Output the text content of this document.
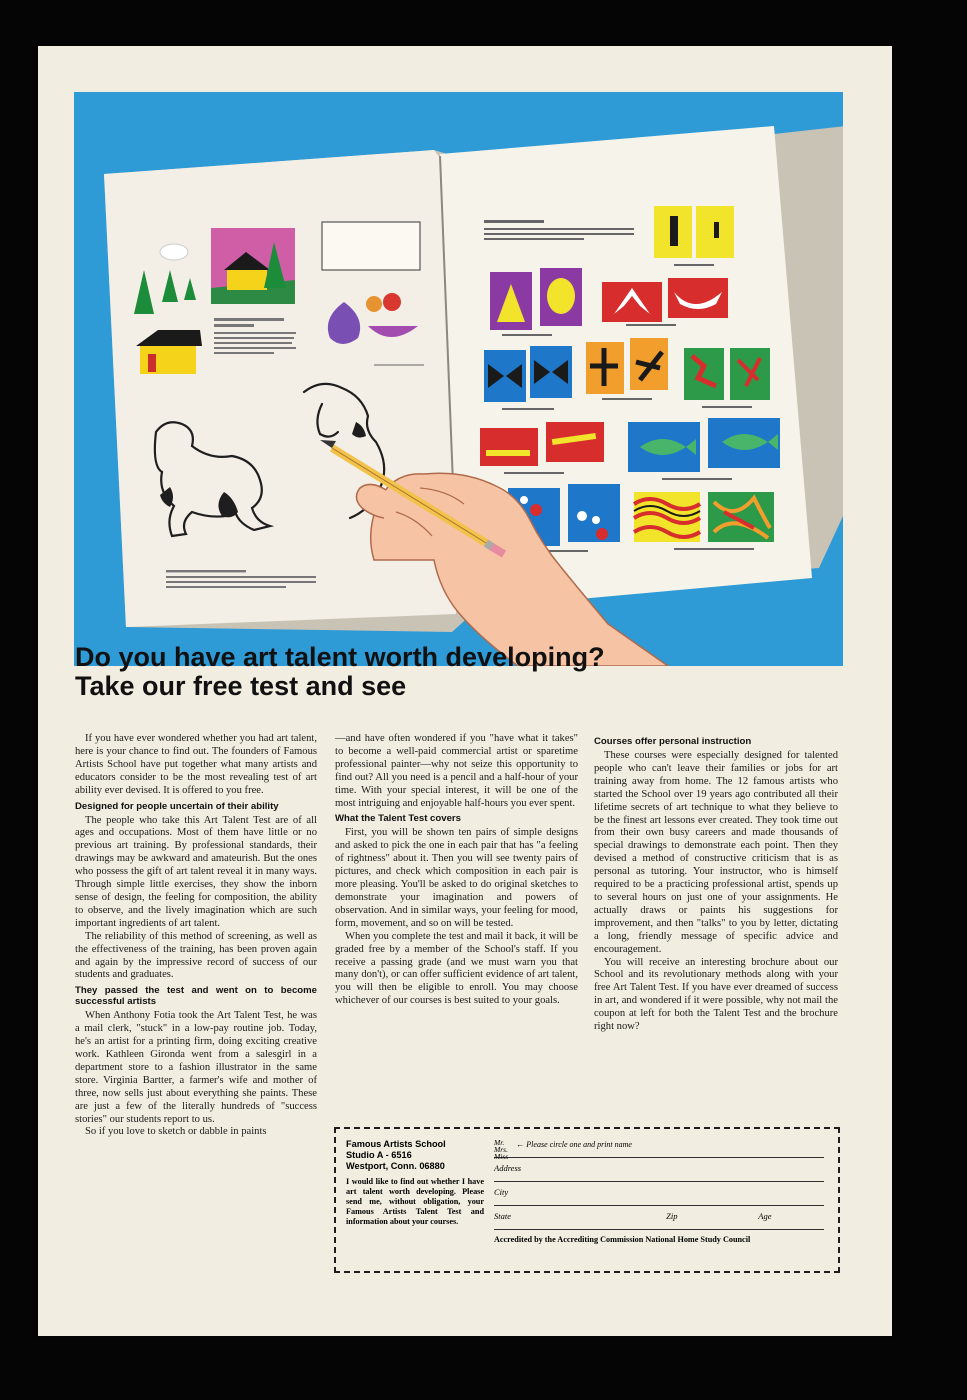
Do you have art talent worth developing?
Take our free test and see

If you have ever wondered whether you had art talent, here is your chance to find out. The founders of Famous Artists School have put together what many artists and educators consider to be the most revealing test of art ability ever devised. It is offered to you free.

Designed for people uncertain of their ability

The people who take this Art Talent Test are of all ages and occupations. Most of them have little or no previous art training. By professional standards, their drawings may be awkward and amateurish. But the ones who possess the gift of art talent reveal it in many ways. Through simple little exercises, they show the inborn sense of design, the feeling for composition, the ability to observe, and the lively imagination which are such important ingredients of art talent.

The reliability of this method of screening, as well as the effectiveness of the training, has been proven again and again by the impressive record of success of our students and graduates.

They passed the test and went on to become successful artists

When Anthony Fotia took the Art Talent Test, he was a mail clerk, "stuck" in a low-pay routine job. Today, he's an artist for a printing firm, doing exciting creative work. Kathleen Gironda went from a salesgirl in a department store to a fashion illustrator in the same store. Virginia Bartter, a farmer's wife and mother of three, now sells just about everything she paints. These are just a few of the literally hundreds of "success stories" our students report to us.

So if you love to sketch or dabble in paints

—and have often wondered if you "have what it takes" to become a well-paid commercial artist or sparetime professional painter—why not seize this opportunity to find out? All you need is a pencil and a half-hour of your time. With your special interest, it will be one of the most intriguing and enjoyable half-hours you ever spent.

What the Talent Test covers

First, you will be shown ten pairs of simple designs and asked to pick the one in each pair that has "a feeling of rightness" about it. Then you will see twenty pairs of pictures, and check which composition in each pair is more pleasing. You'll be asked to do original sketches to demonstrate your imagination and powers of observation. And in similar ways, your feeling for mood, form, movement, and so on will be tested.

When you complete the test and mail it back, it will be graded free by a member of the School's staff. If you receive a passing grade (and we must warn you that many don't), or can offer sufficient evidence of art talent, you will then be eligible to enroll. You may choose whichever of our courses is best suited to your goals.

Courses offer personal instruction

These courses were especially designed for talented people who can't leave their families or jobs for art training away from home. The 12 famous artists who started the School over 19 years ago contributed all their lifetime secrets of art technique to what they believe to be the finest art lessons ever created. They took time out from their own busy careers and made thousands of special drawings to demonstrate each point. Then they devised a method of constructive criticism that is as personal as tutoring. Your instructor, who is himself required to be a practicing professional artist, spends up to several hours on just one of your assignments. He actually draws or paints his suggestions for improvement, and then "talks" to you by letter, dictating a long, friendly message of specific advice and encouragement.

You will receive an interesting brochure about our School and its revolutionary methods along with your free Art Talent Test. If you have ever dreamed of success in art, and wondered if it were possible, why not mail the coupon at left for both the Talent Test and the brochure right now?

Famous Artists School
Studio A - 6516
Westport, Conn. 06880
I would like to find out whether I have art talent worth developing. Please send me, without obligation, your Famous Artists Talent Test and information about your courses.
Mr.
Mrs.
Miss ← Please circle one and print name
Address
City
State	Zip	Age
Accredited by the Accrediting Commission National Home Study Council
